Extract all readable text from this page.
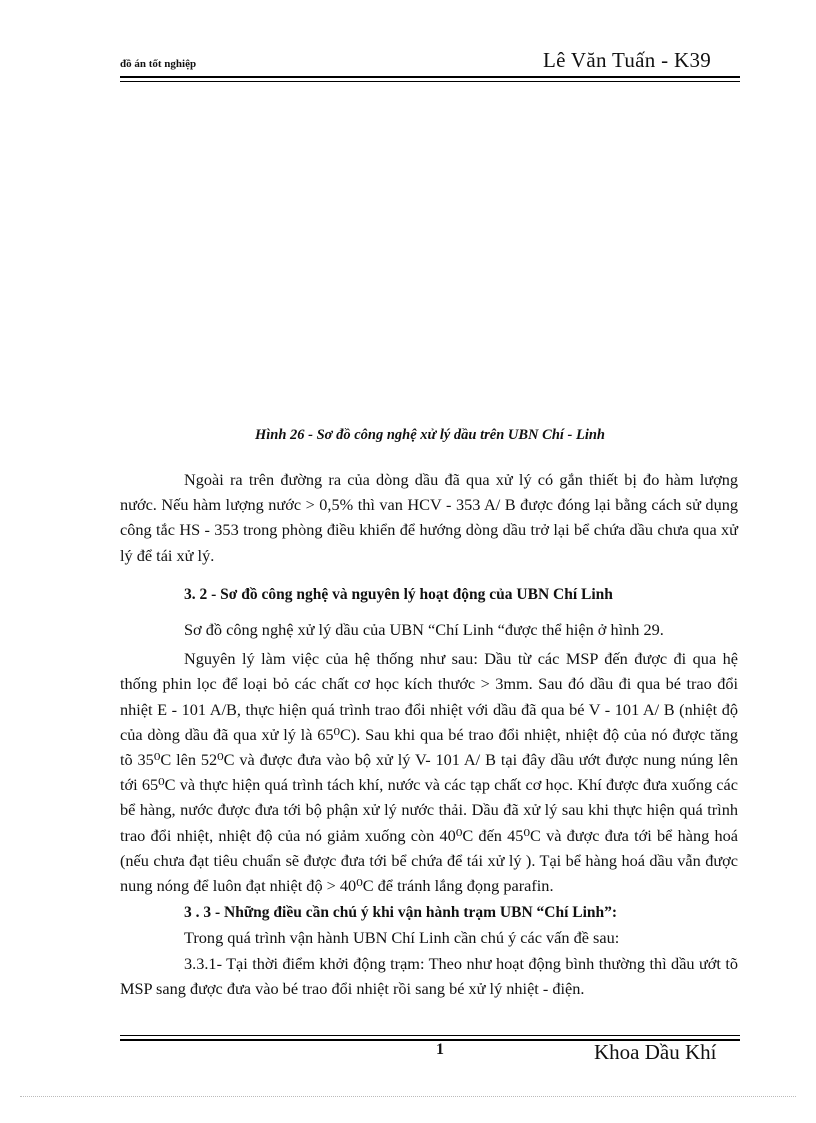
đồ án tốt nghiệp	Lê Văn Tuấn - K39
Hình 26 - Sơ đồ công nghệ xử lý dầu trên UBN Chí - Linh

Ngoài ra trên đường ra của dòng dầu đã qua xử lý có gắn thiết bị đo hàm lượng nước. Nếu hàm lượng nước > 0,5% thì van HCV - 353 A/ B được đóng lại bằng cách sử dụng công tắc HS - 353 trong phòng điều khiển để hướng dòng dầu trở lại bể chứa dầu chưa qua xử lý để tái xử lý.

3. 2 - Sơ đồ công nghệ và nguyên lý hoạt động của UBN Chí Linh

Sơ đồ công nghệ xử lý dầu của UBN “Chí Linh “được thể hiện ở hình 29.

Nguyên lý làm việc của hệ thống như sau: Dầu từ các MSP đến được đi qua hệ thống phin lọc để loại bỏ các chất cơ học kích thước > 3mm. Sau đó dầu đi qua bé trao đổi nhiệt E - 101 A/B, thực hiện quá trình trao đổi nhiệt với dầu đã qua bé V - 101 A/ B (nhiệt độ của dòng dầu đã qua xử lý là 65⁰C). Sau khi qua bé trao đổi nhiệt, nhiệt độ của nó được tăng tõ 35⁰C lên 52⁰C và được đưa vào bộ xử lý V- 101 A/ B tại đây dầu ướt được nung núng lên tới 65⁰C và thực hiện quá trình tách khí, nước và các tạp chất cơ học. Khí được đưa xuống các bể hàng, nước được đưa tới bộ phận xử lý nước thải. Dầu đã xử lý sau khi thực hiện quá trình trao đổi nhiệt, nhiệt độ của nó giảm xuống còn 40⁰C đến 45⁰C và được đưa tới bể hàng hoá (nếu chưa đạt tiêu chuẩn sẽ được đưa tới bể chứa để tái xử lý ). Tại bể hàng hoá dầu vẫn được nung nóng để luôn đạt nhiệt độ > 40⁰C để tránh lắng đọng parafin.

3 . 3 - Những điều cần chú ý khi vận hành trạm UBN “Chí Linh”:

Trong quá trình vận hành UBN Chí Linh cần chú ý các vấn đề sau:

3.3.1- Tại thời điểm khởi động trạm: Theo như hoạt động bình thường thì dầu ướt tõ MSP sang được đưa vào bé trao đổi nhiệt rồi sang bé xử lý nhiệt - điện.

1	Khoa Dầu Khí
